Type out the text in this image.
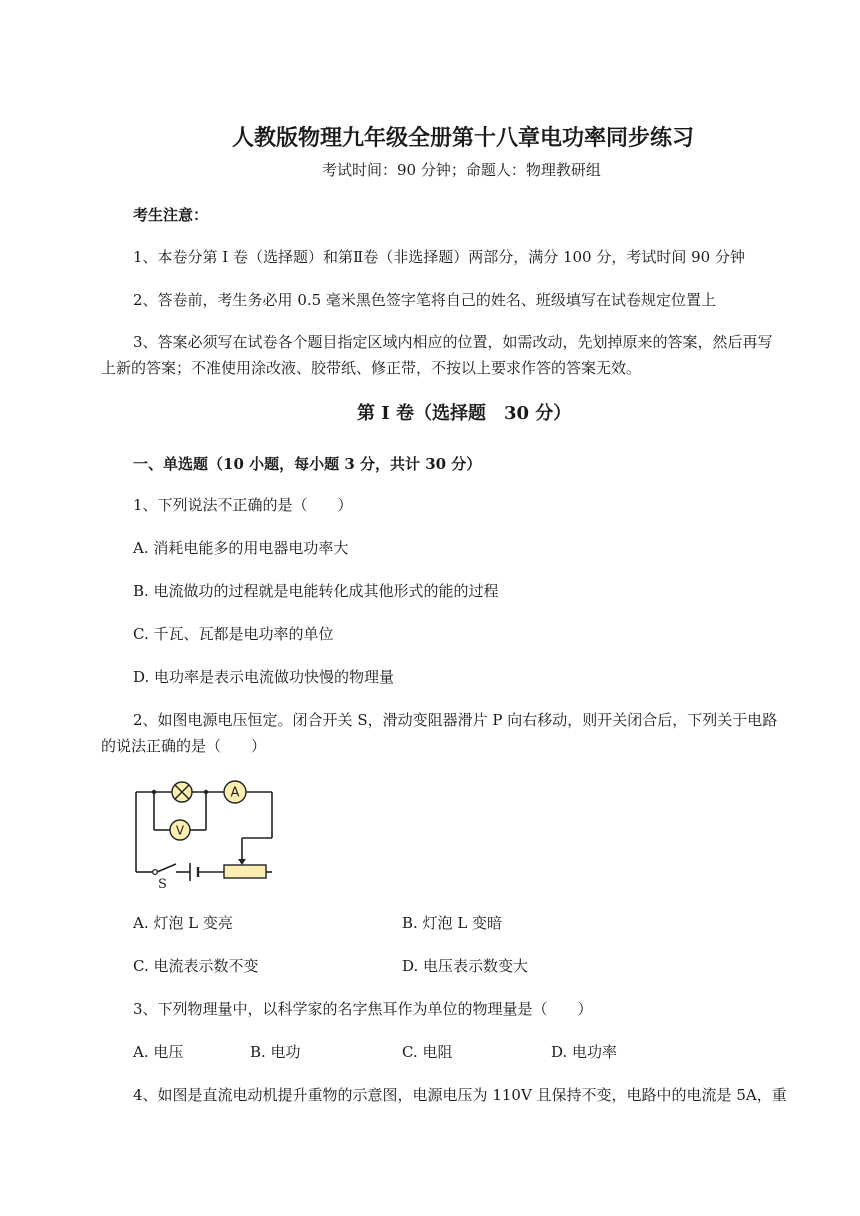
人教版物理九年级全册第十八章电功率同步练习
考试时间：90 分钟；命题人：物理教研组
考生注意：
1、本卷分第 I 卷（选择题）和第Ⅱ卷（非选择题）两部分，满分 100 分，考试时间 90 分钟
2、答卷前，考生务必用 0.5 毫米黑色签字笔将自己的姓名、班级填写在试卷规定位置上
3、答案必须写在试卷各个题目指定区域内相应的位置，如需改动，先划掉原来的答案，然后再写
上新的答案；不准使用涂改液、胶带纸、修正带，不按以上要求作答的答案无效。
第 I 卷（选择题　30 分）
一、单选题（10 小题，每小题 3 分，共计 30 分）
1、下列说法不正确的是（　　）
A. 消耗电能多的用电器电功率大
B. 电流做功的过程就是电能转化成其他形式的能的过程
C. 千瓦、瓦都是电功率的单位
D. 电功率是表示电流做功快慢的物理量
2、如图电源电压恒定。闭合开关 S，滑动变阻器滑片 P 向右移动，则开关闭合后，下列关于电路
的说法正确的是（　　）
A
V
S
A. 灯泡 L 变亮	B. 灯泡 L 变暗
C. 电流表示数不变	D. 电压表示数变大
3、下列物理量中，以科学家的名字焦耳作为单位的物理量是（　　）
A. 电压	B. 电功	C. 电阻	D. 电功率
4、如图是直流电动机提升重物的示意图，电源电压为 110V 且保持不变，电路中的电流是 5A，重
